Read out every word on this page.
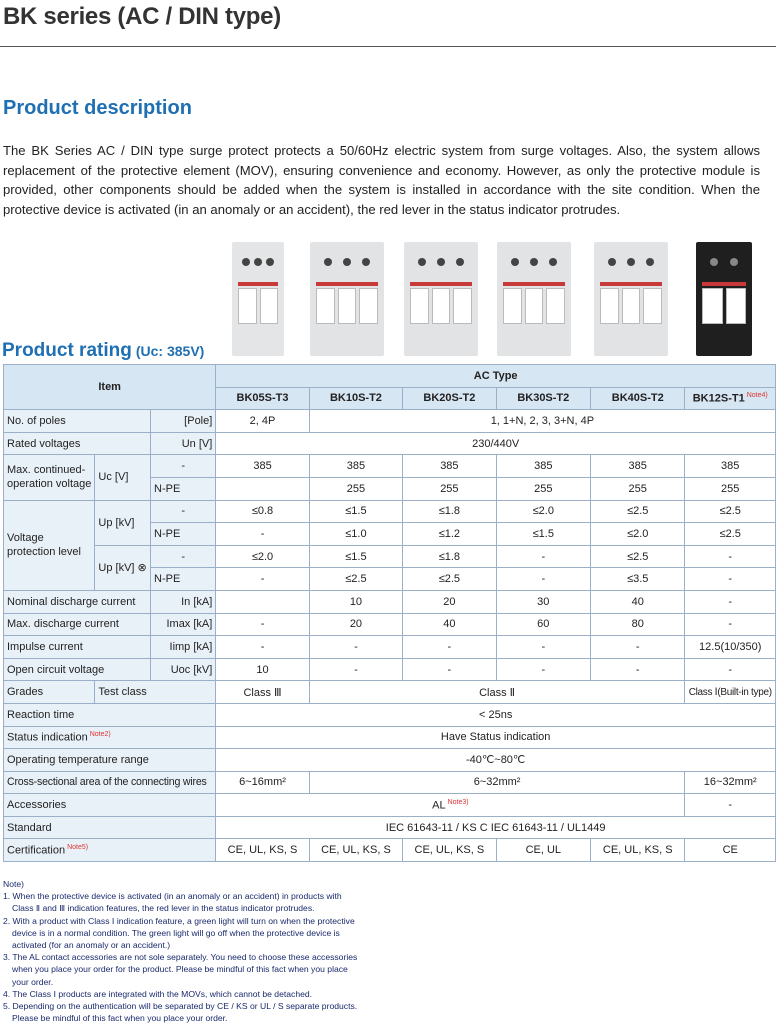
BK series (AC / DIN type)
Product description
The BK Series AC / DIN type surge protect protects a 50/60Hz electric system from surge voltages. Also, the system allows replacement of the protective element (MOV), ensuring convenience and economy. However, as only the protective module is provided, other components should be added when the system is installed in accordance with the site condition. When the protective device is activated (in an anomaly or an accident), the red lever in the status indicator protrudes.
Product rating (Uc: 385V)
Item			AC Type					
			BK05S-T3	BK10S-T2	BK20S-T2	BK30S-T2	BK40S-T2	BK12S-T1 $^{Note4)}$
No. of poles		[Pole]	2, 4P	1, 1+N, 2, 3, 3+N, 4P				
Rated voltages		Un [V]	230/440V					
Max. continued-operation voltage	Uc [V]	-	385	385	385	385	385	385
		N-PE		255	255	255	255	255
Voltage protection level	Up [kV]	-	≤0.8	≤1.5	≤1.8	≤2.0	≤2.5	≤2.5
		N-PE	-	≤1.0	≤1.2	≤1.5	≤2.0	≤2.5
	Up [kV] ⊗	-	≤2.0	≤1.5	≤1.8	-	≤2.5	-
		N-PE	-	≤2.5	≤2.5	-	≤3.5	-
Nominal discharge current		In [kA]		10	20	30	40	-
Max. discharge current		Imax [kA]	-	20	40	60	80	-
Impulse current		Iimp [kA]	-	-	-	-	-	12.5(10/350)
Open circuit voltage		Uoc [kV]	10	-	-	-	-	-
Grades	Test class		Class Ⅲ	Class Ⅱ				Class Ⅰ(Built-in type)
Reaction time			< 25ns					
Status indication $^{Note2)}$			Have Status indication					
Operating temperature range			-40℃~80℃					
Cross-sectional area of the connecting wires			6~16mm²	6~32mm²				16~32mm²
Accessories			AL $^{Note3)}$					-
Standard			IEC 61643-11 / KS C IEC 61643-11 / UL1449					
Certification $^{Note5)}$			CE, UL, KS, S	CE, UL, KS, S	CE, UL, KS, S	CE, UL	CE, UL, KS, S	CE
Note)
1. When the protective device is activated (in an anomaly or an accident) in products with Class Ⅱ and Ⅲ indication features, the red lever in the status indicator protrudes.
2. With a product with Class Ⅰ indication feature, a green light will turn on when the protective device is in a normal condition. The green light will go off when the protective device is activated (for an anomaly or an accident.)
3. The AL contact accessories are not sole separately. You need to choose these accessories when you place your order for the product. Please be mindful of this fact when you place your order.
4. The Class Ⅰ products are integrated with the MOVs, which cannot be detached.
5. Depending on the authentication will be separated by CE / KS or UL / S separate products. Please be mindful of this fact when you place your order.
